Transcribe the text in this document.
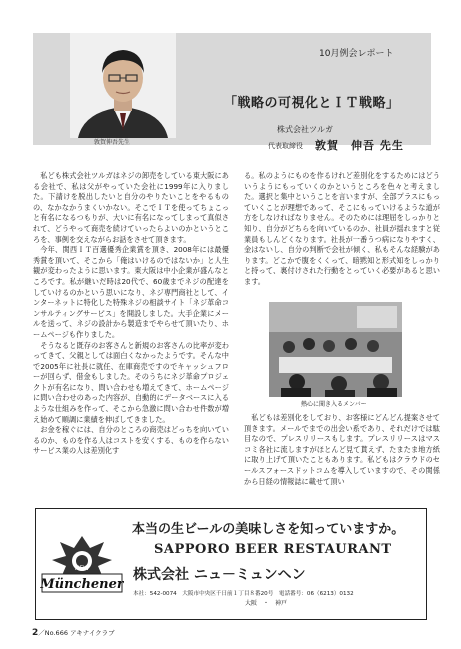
敦賀伸吾先生
10月例会レポート
「戦略の可視化とＩＴ戦略」
株式会社ツルガ
代表取締役 敦賀　伸吾 先生

私ども株式会社ツルガはネジの卸売をしている東大阪にある会社で、私は父がやっていた会社に1999年に入りました。下請けを脱出したいと自分のやりたいことをやるものの、なかなかうまくいかない。そこでＩＴを使ってちょこっと有名になるつもりが、大いに有名になってしまって真似されて、どうやって商売を続けていったらよいのかというところを、事例を交えながらお話をさせて頂きます。

今年、関西ＩＴ百選優秀企業賞を頂き、2008年には最優秀賞を頂いて、そこから「俺はいけるのではないか」と人生観が変わったように思います。東大阪は中小企業が盛んなところです。私が継いだ時は20代で、60歳までネジの配達をしていけるのかという思いになり、ネジ専門商社として、インターネットに特化した特殊ネジの相談サイト「ネジ革命コンサルティングサービス」を開設しました。大手企業にメールを送って、ネジの設計から製造までやらせて頂いたり、ホームページも作りました。

そうなると既存のお客さんと新規のお客さんの比率が変わってきて、父親としては面白くなかったようです。そんな中で2005年に社長に就任、在庫商売ですのでキャッシュフローが回らず、借金もしました。そのうちにネジ革命プロジェクトが有名になり、問い合わせも増えてきて、ホームページに問い合わせのあった内容が、自動的にデータベースに入るような仕組みを作って、そこから急激に問い合わせ件数が増え始めて順調に業績を伸ばしてきました。

お金を稼ぐには、自分のところの商売はどっちを向いているのか、ものを作る人はコストを安くする、ものを作らないサービス業の人は差別化す

る。私のようにものを作るけれど差別化をするためにはどういうようにもっていくのかというところを色々と考えました。選択と集中ということを言いますが、全部プラスにもっていくことが理想であって、そこにもっていけるような道が方をしなければなりません。そのためには理屈をしっかりと知り、自分がどちらを向いているのか、社員が揺れますと従業員もしんどくなります。社長が一番うつ病になりやすく、金はないし、自分の判断で会社が傾く、私もそんな経験があります。どこかで腹をくくって、暗黙知と形式知をしっかりと持って、裏付けされた行動をとっていく必要があると思います。

熱心に聞き入るメンバー

私どもは差別化をしており、お客様にどんどん提案させて頂きます。メールでまでの出会い系であり、それだけでは駄目なので、プレスリリースもします。プレスリリースはマスコミ各社に流しますがほとんど見て貰えず、たまたま地方紙に取り上げて頂いたこともあります。私どもはクラウドのセールスフォースドットコムを導入していますので、その関係から日経の情報誌に載せて頂い

NEW
Münchener
本当の生ビールの美味しさを知っていますか。
SAPPORO BEER RESTAURANT
株式会社 ニュ－ミュンヘン
本社：542-0074　大阪市中央区千日前１丁目８番20号　電話番号：06（6213）0132
大阪　・　神戸
2／No.666 アキナイクラブ
